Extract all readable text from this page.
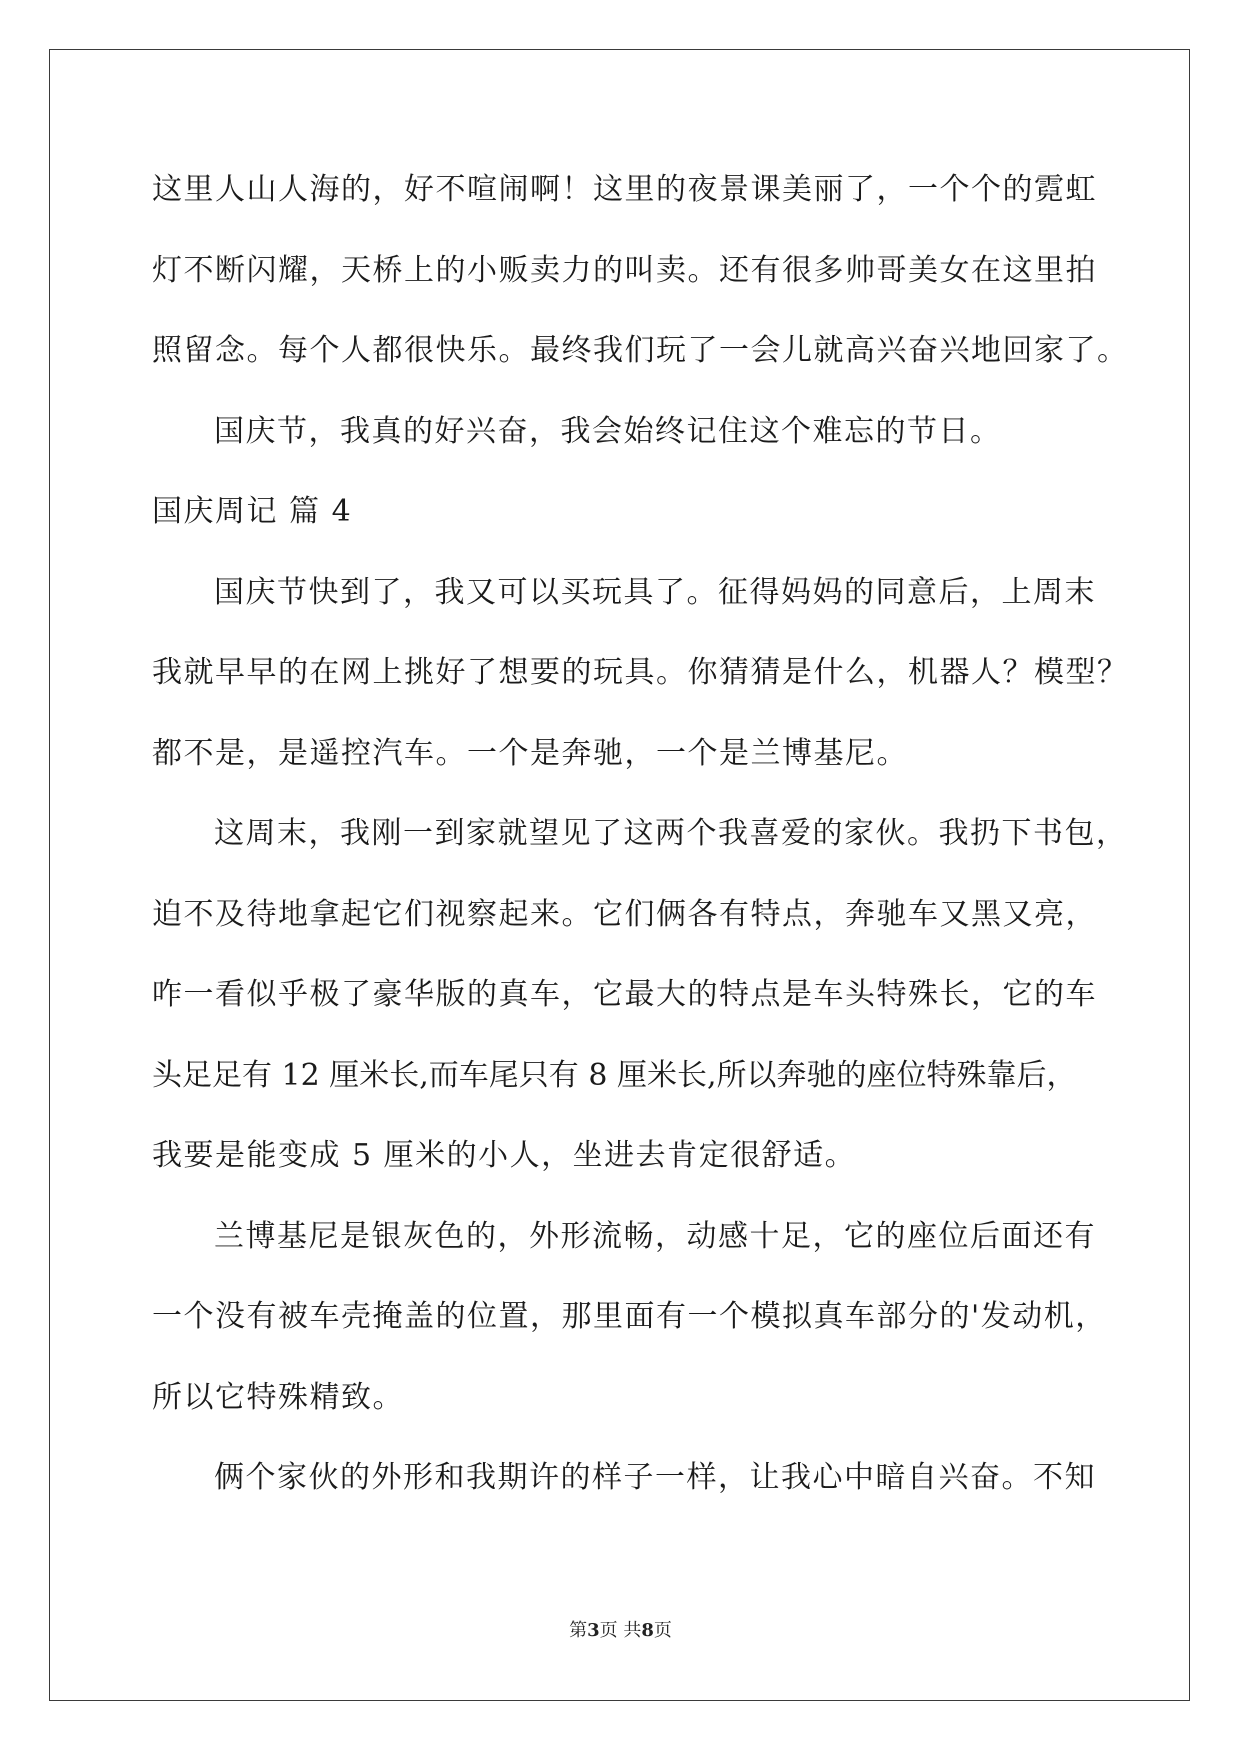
这里人山人海的，好不喧闹啊！这里的夜景课美丽了，一个个的霓虹
灯不断闪耀，天桥上的小贩卖力的叫卖。还有很多帅哥美女在这里拍
照留念。每个人都很快乐。最终我们玩了一会儿就高兴奋兴地回家了。
国庆节，我真的好兴奋，我会始终记住这个难忘的节日。
国庆周记 篇 4
国庆节快到了，我又可以买玩具了。征得妈妈的同意后，上周末
我就早早的在网上挑好了想要的玩具。你猜猜是什么，机器人？模型？
都不是，是遥控汽车。一个是奔驰，一个是兰博基尼。
这周末，我刚一到家就望见了这两个我喜爱的家伙。我扔下书包，
迫不及待地拿起它们视察起来。它们俩各有特点，奔驰车又黑又亮，
咋一看似乎极了豪华版的真车，它最大的特点是车头特殊长，它的车
头足足有 12 厘米长,而车尾只有 8 厘米长,所以奔驰的座位特殊靠后，
我要是能变成 5 厘米的小人，坐进去肯定很舒适。
兰博基尼是银灰色的，外形流畅，动感十足，它的座位后面还有
一个没有被车壳掩盖的位置，那里面有一个模拟真车部分的'发动机，
所以它特殊精致。
俩个家伙的外形和我期许的样子一样，让我心中暗自兴奋。不知
第3页 共8页
